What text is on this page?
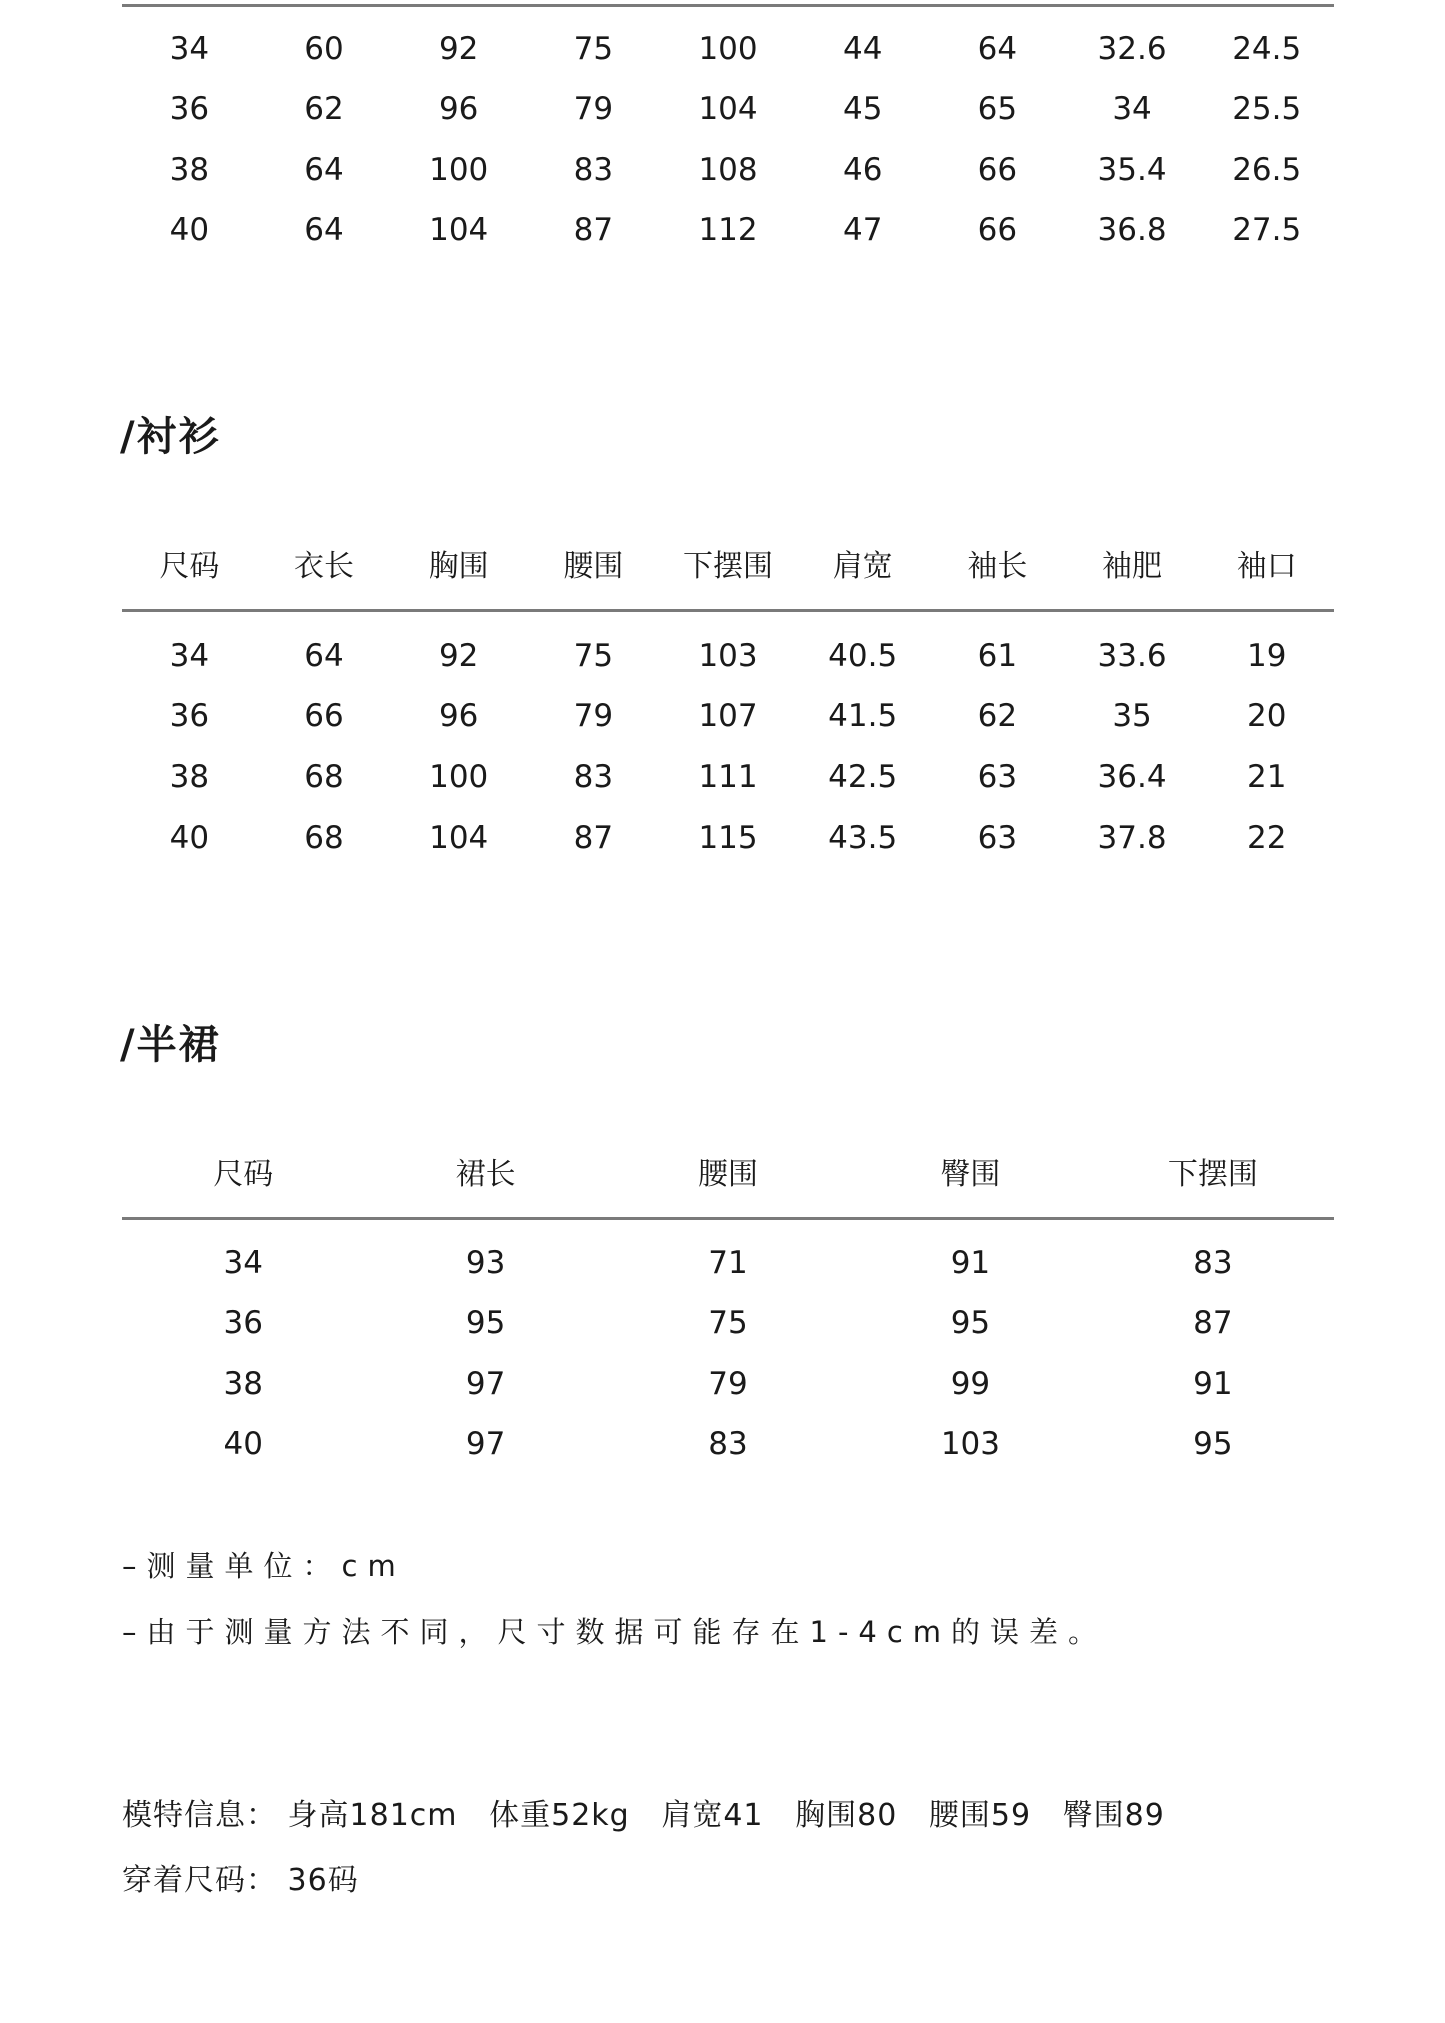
34	60	92	75	100	44	64	32.6	24.5
36	62	96	79	104	45	65	34	25.5
38	64	100	83	108	46	66	35.4	26.5
40	64	104	87	112	47	66	36.8	27.5
/衬衫
尺码	衣长	胸围	腰围	下摆围	肩宽	袖长	袖肥	袖口
34	64	92	75	103	40.5	61	33.6	19
36	66	96	79	107	41.5	62	35	20
38	68	100	83	111	42.5	63	36.4	21
40	68	104	87	115	43.5	63	37.8	22
/半裙
尺码	裙长	腰围	臀围	下摆围
34	93	71	91	83
36	95	75	95	87
38	97	79	99	91
40	97	83	103	95
–测量单位：cm
–由于测量方法不同，尺寸数据可能存在1-4cm的误差。
模特信息： 身高181cm   体重52kg   肩宽41   胸围80   腰围59   臀围89
穿着尺码： 36码
